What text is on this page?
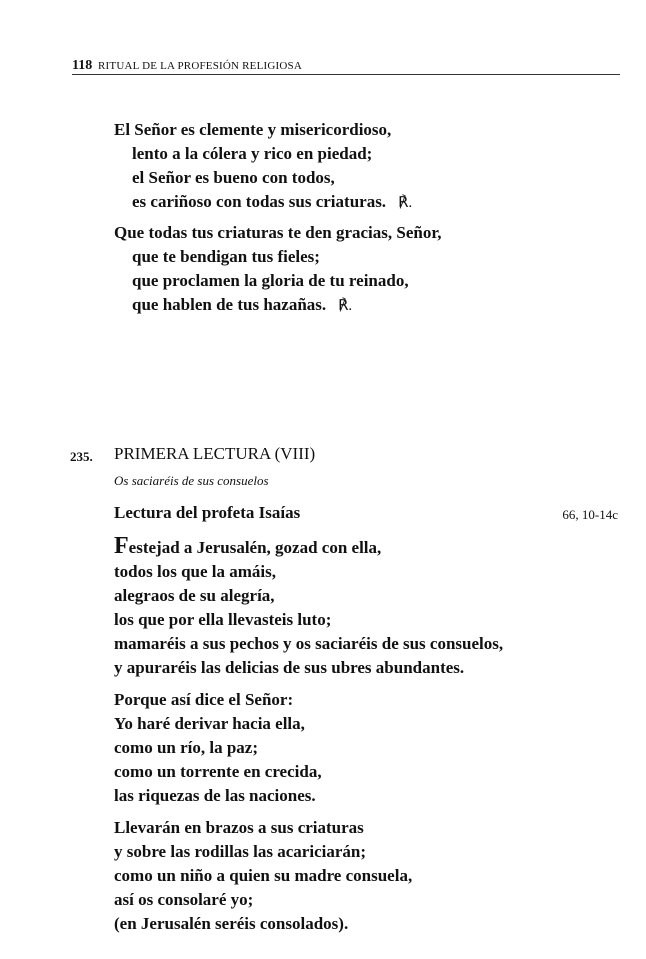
118 RITUAL DE LA PROFESIÓN RELIGIOSA
El Señor es clemente y misericordioso,
lento a la cólera y rico en piedad;
el Señor es bueno con todos,
es cariñoso con todas sus criaturas. ℟.
Que todas tus criaturas te den gracias, Señor,
que te bendigan tus fieles;
que proclamen la gloria de tu reinado,
que hablen de tus hazañas. ℟.
235. PRIMERA LECTURA (VIII)
Os saciaréis de sus consuelos
Lectura del profeta Isaías	66, 10-14c
Festejad a Jerusalén, gozad con ella,
todos los que la amáis,
alegraos de su alegría,
los que por ella llevasteis luto;
mamaréis a sus pechos y os saciaréis de sus consuelos,
y apuraréis las delicias de sus ubres abundantes.
Porque así dice el Señor:
Yo haré derivar hacia ella,
como un río, la paz;
como un torrente en crecida,
las riquezas de las naciones.
Llevarán en brazos a sus criaturas
y sobre las rodillas las acariciarán;
como un niño a quien su madre consuela,
así os consolaré yo;
(en Jerusalén seréis consolados).
